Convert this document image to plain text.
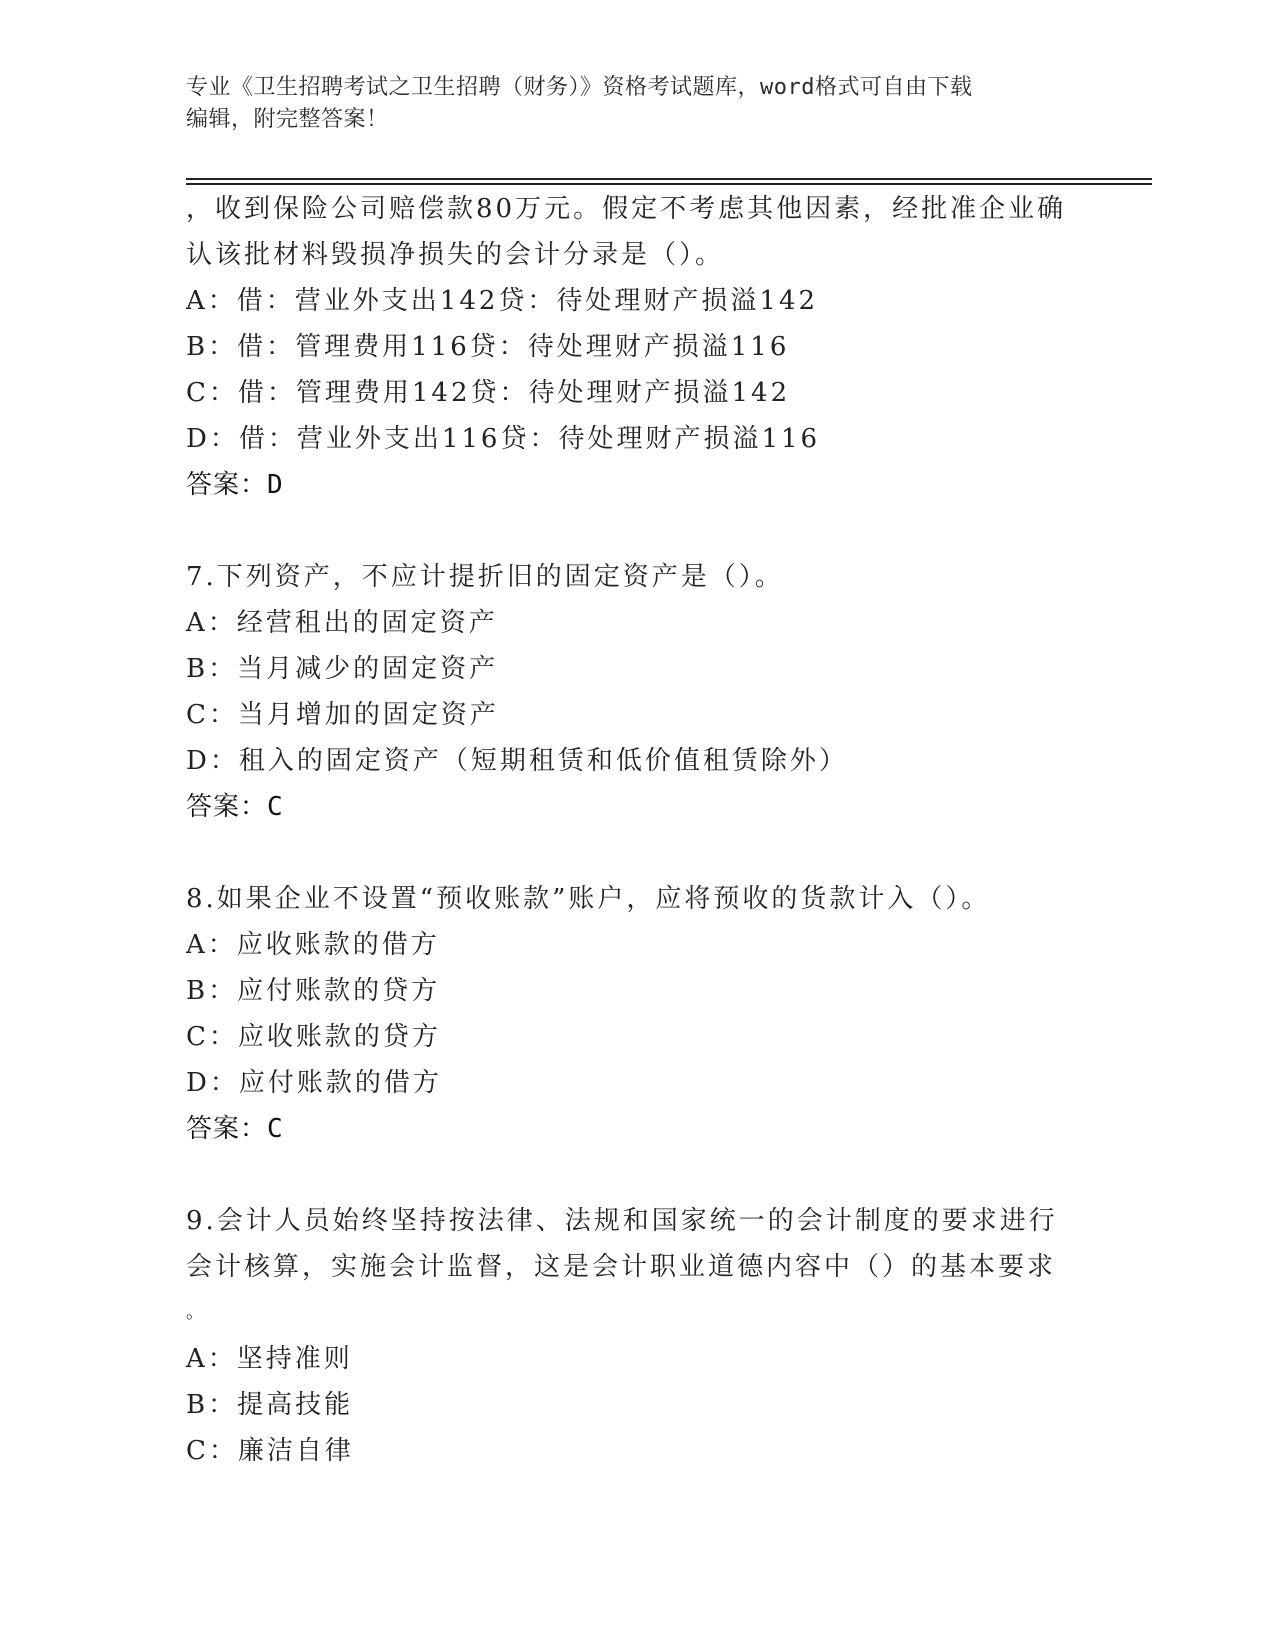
专业《卫生招聘考试之卫生招聘（财务）》资格考试题库，word格式可自由下载
编辑，附完整答案！
，收到保险公司赔偿款80万元。假定不考虑其他因素，经批准企业确
认该批材料毁损净损失的会计分录是（）。
A：借：营业外支出142贷：待处理财产损溢142
B：借：管理费用116贷：待处理财产损溢116
C：借：管理费用142贷：待处理财产损溢142
D：借：营业外支出116贷：待处理财产损溢116
答案：D
7.下列资产，不应计提折旧的固定资产是（）。
A：经营租出的固定资产
B：当月减少的固定资产
C：当月增加的固定资产
D：租入的固定资产（短期租赁和低价值租赁除外）
答案：C
8.如果企业不设置“预收账款”账户，应将预收的货款计入（）。
A：应收账款的借方
B：应付账款的贷方
C：应收账款的贷方
D：应付账款的借方
答案：C
9.会计人员始终坚持按法律、法规和国家统一的会计制度的要求进行
会计核算，实施会计监督，这是会计职业道德内容中（）的基本要求
。
A：坚持准则
B：提高技能
C：廉洁自律
